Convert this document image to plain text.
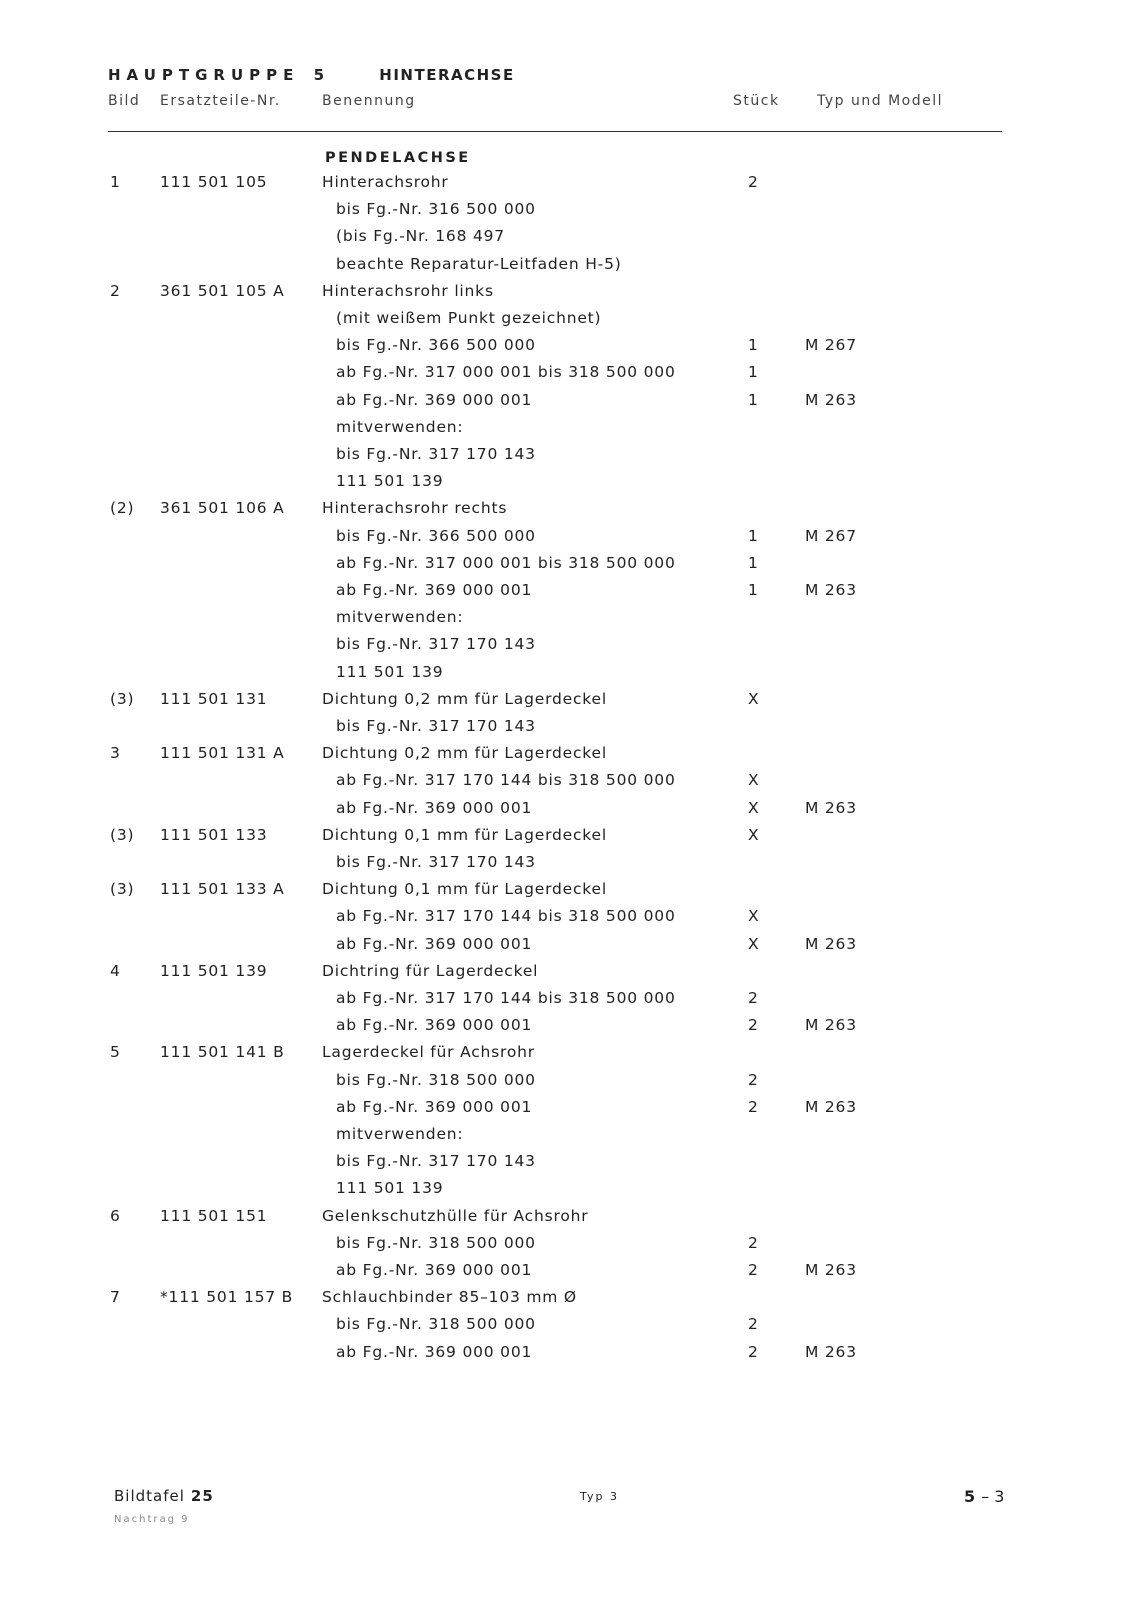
HAUPTGRUPPE 5	HINTERACHSE
Bild Ersatzteile-Nr.	Benennung	Stück	Typ und Modell
PENDELACHSE
1	111 501 105	Hinterachsrohr	2
bis Fg.-Nr. 316 500 000
(bis Fg.-Nr. 168 497
beachte Reparatur-Leitfaden H-5)
2	361 501 105 A Hinterachsrohr links
(mit weißem Punkt gezeichnet)
bis Fg.-Nr. 366 500 000	1	M 267
ab Fg.-Nr. 317 000 001 bis 318 500 000	1
ab Fg.-Nr. 369 000 001	1	M 263
mitverwenden:
bis Fg.-Nr. 317 170 143
111 501 139
(2)	361 501 106 A Hinterachsrohr rechts
bis Fg.-Nr. 366 500 000	1	M 267
ab Fg.-Nr. 317 000 001 bis 318 500 000	1
ab Fg.-Nr. 369 000 001	1	M 263
mitverwenden:
bis Fg.-Nr. 317 170 143
111 501 139
(3)	111 501 131	Dichtung 0,2 mm für Lagerdeckel	X
bis Fg.-Nr. 317 170 143
3	111 501 131 A Dichtung 0,2 mm für Lagerdeckel
ab Fg.-Nr. 317 170 144 bis 318 500 000	X
ab Fg.-Nr. 369 000 001	X	M 263
(3)	111 501 133	Dichtung 0,1 mm für Lagerdeckel	X
bis Fg.-Nr. 317 170 143
(3)	111 501 133 A Dichtung 0,1 mm für Lagerdeckel
ab Fg.-Nr. 317 170 144 bis 318 500 000	X
ab Fg.-Nr. 369 000 001	X	M 263
4	111 501 139	Dichtring für Lagerdeckel
ab Fg.-Nr. 317 170 144 bis 318 500 000	2
ab Fg.-Nr. 369 000 001	2	M 263
5	111 501 141 B Lagerdeckel für Achsrohr
bis Fg.-Nr. 318 500 000	2
ab Fg.-Nr. 369 000 001	2	M 263
mitverwenden:
bis Fg.-Nr. 317 170 143
111 501 139
6	111 501 151	Gelenkschutzhülle für Achsrohr
bis Fg.-Nr. 318 500 000	2
ab Fg.-Nr. 369 000 001	2	M 263
7	*111 501 157 B Schlauchbinder 85–103 mm Ø
bis Fg.-Nr. 318 500 000	2
ab Fg.-Nr. 369 000 001	2	M 263
Bildtafel 25
Nachtrag 9
Typ 3	5 – 3
